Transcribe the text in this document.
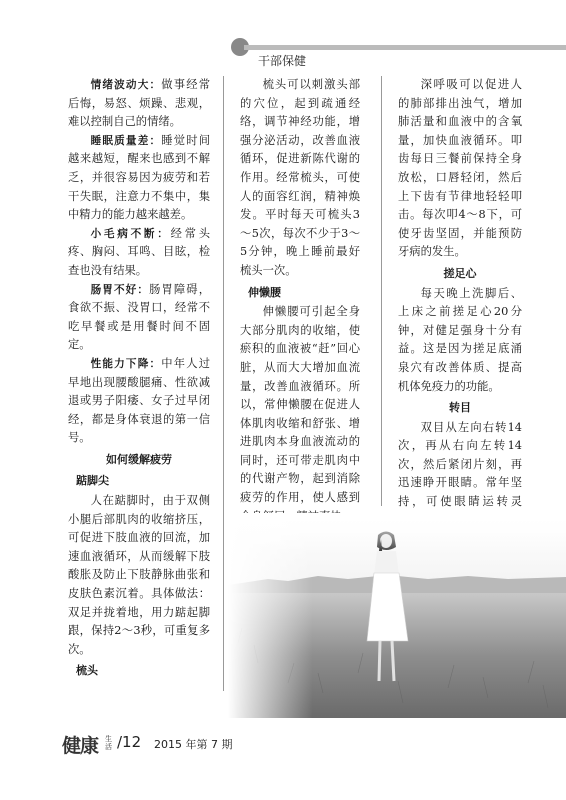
干部保健

情绪波动大：做事经常后悔，易怒、烦躁、悲观，难以控制自己的情绪。

睡眠质量差：睡觉时间越来越短，醒来也感到不解乏，并很容易因为疲劳和若干失眠，注意力不集中，集中精力的能力越来越差。

小毛病不断：经常头疼、胸闷、耳鸣、目眩，检查也没有结果。

肠胃不好：肠胃障碍，食欲不振、没胃口，经常不吃早餐或是用餐时间不固定。

性能力下降：中年人过早地出现腰酸腿痛、性欲减退或男子阳痿、女子过早闭经，都是身体衰退的第一信号。

如何缓解疲劳

踮脚尖

人在踮脚时，由于双侧小腿后部肌肉的收缩挤压，可促进下肢血液的回流，加速血液循环，从而缓解下肢酸胀及防止下肢静脉曲张和皮肤色素沉着。具体做法：双足并拢着地，用力踮起脚跟，保持2～3秒，可重复多次。

梳头

梳头可以刺激头部的穴位，起到疏通经络，调节神经功能，增强分泌活动，改善血液循环，促进新陈代谢的作用。经常梳头，可使人的面容红润，精神焕发。平时每天可梳头3～5次，每次不少于3～5分钟，晚上睡前最好梳头一次。

伸懒腰

伸懒腰可引起全身大部分肌肉的收缩，使瘀积的血液被“赶”回心脏，从而大大增加血流量，改善血液循环。所以，常伸懒腰在促进人体肌肉收缩和舒张、增进肌肉本身血液流动的同时，还可带走肌肉中的代谢产物，起到消除疲劳的作用，使人感到

深呼吸可以促进人的肺部排出浊气，增加肺活量和血液中的含氧量，加快血液循环。叩齿每日三餐前保持全身放松，口唇轻闭，然后上下齿有节律地轻轻叩击。每次叩4～8下，可使牙齿坚固，并能预防牙病的发生。

搓足心

每天晚上洗脚后、上床之前搓足心20分钟，对健足强身十分有益。这是因为搓足底涌泉穴有改善体质、提高机体免疫力的功能。

转目

双目从左向右转14次，再从右向左转14次，然后紧闭片刻，再迅速睁开眼睛。常年坚持，可使眼睛运转灵

健康 生活 /12 2015 年第 7 期
